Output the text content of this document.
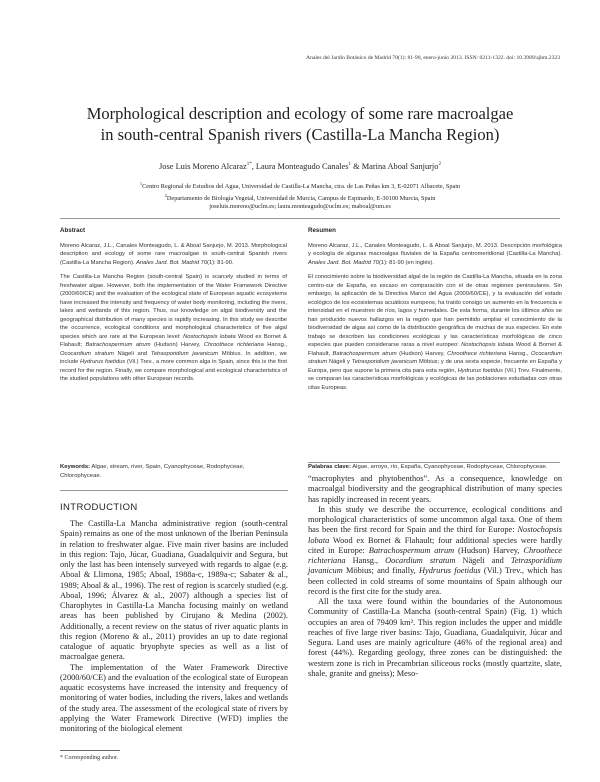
Anales del Jardín Botánico de Madrid 70(1): 81-90, enero-junio 2013. ISSN: 0211-1322. doi: 10.3989/ajbm.2323
Morphological description and ecology of some rare macroalgae
in south-central Spanish rivers (Castilla-La Mancha Region)
Jose Luis Moreno Alcaraz$^{1*}$, Laura Monteagudo Canales$^1$ & Marina Aboal Sanjurjo$^2$
$^1$Centro Regional de Estudios del Agua, Universidad de Castilla-La Mancha, ctra. de Las Peñas km 3, E-02071 Albacete, Spain
$^2$Departamento de Biología Vegetal, Universidad de Murcia, Campus de Espinardo, E-30100 Murcia, Spain
joseluis.moreno@uclm.es; laura.monteagudo@uclm.es; maboal@um.es
Abstract

Moreno Alcaraz, J.L., Canales Monteagudo, L. & Aboal Sanjurjo, M. 2013. Morphological description and ecology of some rare macroalgae in south-central Spanish rivers (Castilla-La Mancha Region). Anales Jard. Bot. Madrid 70(1): 81-90.

The Castilla-La Mancha Region (south-central Spain) is scarcely studied in terms of freshwater algae. However, both the implementation of the Water Framework Directive (2000/60/CE) and the evaluation of the ecological state of European aquatic ecosystems have increased the intensity and frequency of water body monitoring, including the rivers, lakes and wetlands of this region. Thus, our knowledge on algal biodiversity and the geographical distribution of many species is rapidly increasing. In this study we describe the occurrence, ecological conditions and morphological characteristics of five algal species which are rare at the European level: Nostochopsis lobata Wood ex Bornet & Flahault; Batrachospermum atrum (Hudson) Harvey, Chroothece richteriana Hansg., Ococardium stratum Nägeli and Tetrasporidium javanicum Möbius. In addition, we include Hydrurus foetidus (Vil.) Trev., a more common alga in Spain, since this is the first record for the region. Finally, we compare morphological and ecological characteristics of the studied populations with other European records.

Resumen

Moreno Alcaraz, J.L., Canales Monteagudo, L. & Aboal Sanjurjo, M. 2013. Descripción morfológica y ecología de algunas macroalgas fluviales de la España centromeridional (Castilla-La Mancha). Anales Jard. Bot. Madrid 70(1): 81-90 (en inglés).

El conocimiento sobre la biodiversidad algal de la región de Castilla-La Mancha, situada en la zona centro-sur de España, es escaso en comparación con el de otras regiones peninsulares. Sin embargo, la aplicación de la Directiva Marco del Agua (2000/60/CE), y la evaluación del estado ecológico de los ecosistemas acuáticos europeos, ha traído consigo un aumento en la frecuencia e intensidad en el muestreo de ríos, lagos y humedales. De esta forma, durante los últimos años se han producido nuevos hallazgos en la región que han permitido ampliar el conocimiento de la biodiversidad de algas así como de la distribución geográfica de muchas de sus especies. En este trabajo se describen las condiciones ecológicas y las características morfológicas de cinco especies que pueden considerarse raras a nivel europeo: Nostochopsis lobata Wood & Bornet & Flahault, Batrachospermum atrum (Hudson) Harvey, Chroothece richteriana Hansg., Ococardium stratum Nägeli y Tetrasporidium javanicum Möbius; y de una sexta especie, frecuente en España y Europa, pero que supone la primera cita para esta región, Hydrurus foetidus (Vil.) Trev. Finalmente, se comparan las características morfológicas y ecológicas de las poblaciones estudiadas con otras citas Europeas.

Keywords: Algae, stream, river, Spain, Cyanophyceae, Rodophyceae, Chlorophyceae.
Palabras clave: Algae, arroyo, río, España, Cyanophyceae, Rodophyceae, Chlorophyceae.
INTRODUCTION

The Castilla-La Mancha administrative region (south-central Spain) remains as one of the most unknown of the Iberian Peninsula in relation to freshwater algae. Five main river basins are included in this region: Tajo, Júcar, Guadiana, Guadalquivir and Segura, but only the last has been intensely surveyed with regards to algae (e.g. Aboal & Llimona, 1985; Aboal, 1988a-c, 1989a-c; Sabater & al., 1989; Aboal & al., 1996). The rest of region is scarcely studied (e.g. Aboal, 1996; Álvarez & al., 2007) although a species list of Charophytes in Castilla-La Mancha focusing mainly on wetland areas has been published by Cirujano & Medina (2002). Additionally, a recent review on the status of river aquatic plants in this region (Moreno & al., 2011) provides an up to date regional catalogue of aquatic bryophyte species as well as a list of macroalgae genera.

The implementation of the Water Framework Directive (2000/60/CE) and the evaluation of the ecological state of European aquatic ecosystems have increased the intensity and frequency of monitoring of water bodies, including the rivers, lakes and wetlands of the study area. The assessment of the ecological state of rivers by applying the Water Framework Directive (WFD) implies the monitoring of the biological element

“macrophytes and phytobenthos”. As a consequence, knowledge on macroalgal biodiversity and the geographical distribution of many species has rapidly increased in recent years.

In this study we describe the occurrence, ecological conditions and morphological characteristics of some uncommon algal taxa. One of them has been the first record for Spain and the third for Europe: Nostochopsis lobata Wood ex Bornet & Flahault; four additional species were hardly cited in Europe: Batrachospermum atrum (Hudson) Harvey, Chroothece richteriana Hansg., Oocardium stratum Nägeli and Tetrasporidium javanicum Möbius; and finally, Hydrurus foetidus (Vil.) Trev., which has been collected in cold streams of some mountains of Spain although our record is the first cite for the study area.

All the taxa were found within the boundaries of the Autonomous Community of Castilla-La Mancha (south-central Spain) (Fig. 1) which occupies an area of 79409 km². This region includes the upper and middle reaches of five large river basins: Tajo, Guadiana, Guadalquivir, Júcar and Segura. Land uses are mainly agriculture (46% of the regional area) and forest (44%). Regarding geology, three zones can be distinguished: the western zone is rich in Precambrian siliceous rocks (mostly quartzite, slate, shale, granite and gneiss); Meso-

* Corresponding author.
